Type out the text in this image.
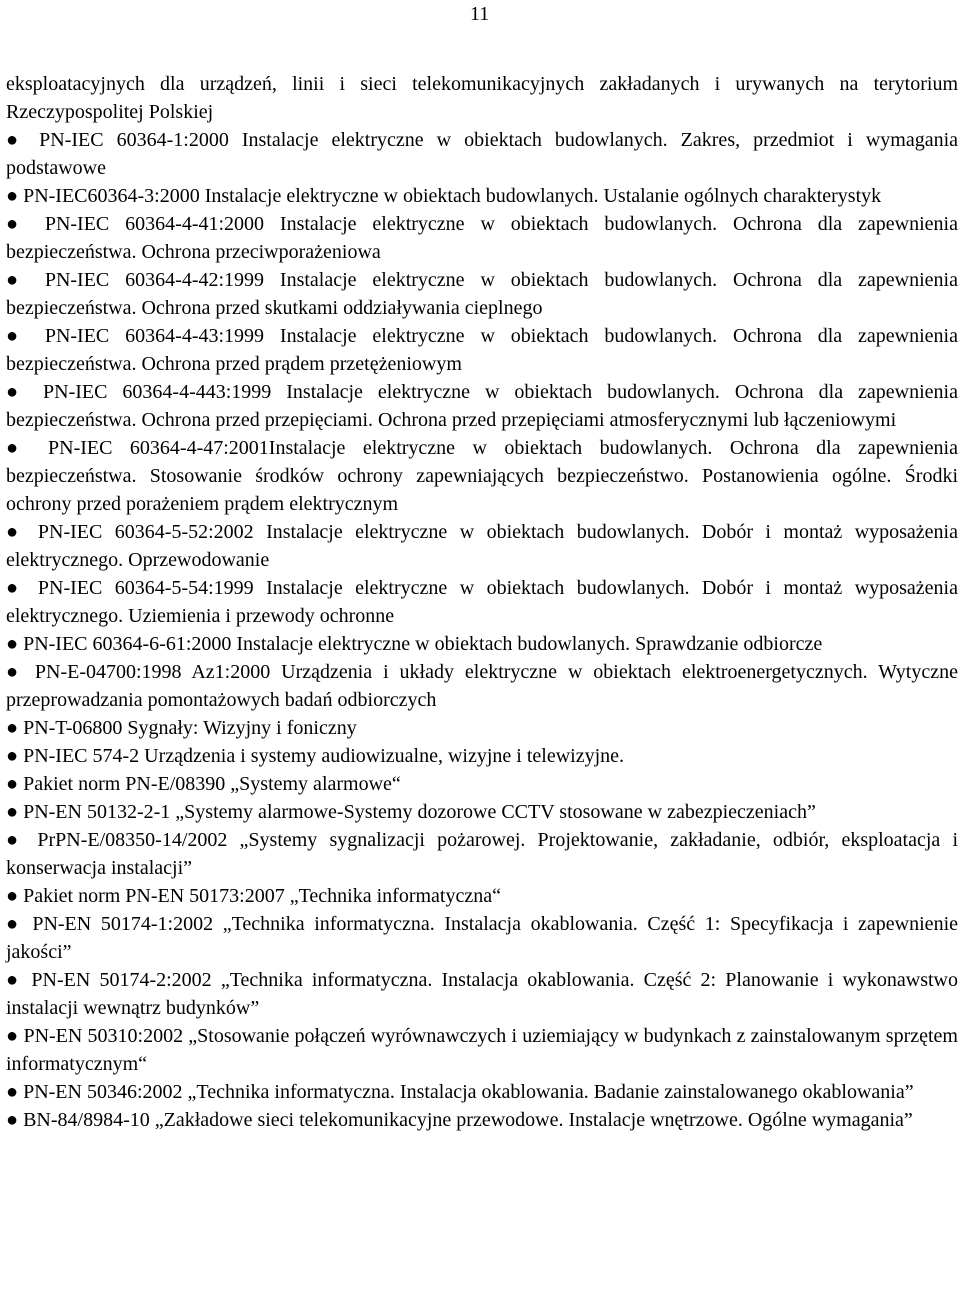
11

eksploatacyjnych dla urządzeń, linii i sieci telekomunikacyjnych zakładanych i urywanych na terytorium Rzeczypospolitej Polskiej

● PN-IEC 60364-1:2000 Instalacje elektryczne w obiektach budowlanych. Zakres, przedmiot i wymagania podstawowe

● PN-IEC60364-3:2000 Instalacje elektryczne w obiektach budowlanych. Ustalanie ogólnych charakterystyk

● PN-IEC 60364-4-41:2000 Instalacje elektryczne w obiektach budowlanych. Ochrona dla zapewnienia bezpieczeństwa. Ochrona przeciwporażeniowa

● PN-IEC 60364-4-42:1999 Instalacje elektryczne w obiektach budowlanych. Ochrona dla zapewnienia bezpieczeństwa. Ochrona przed skutkami oddziaływania cieplnego

● PN-IEC 60364-4-43:1999 Instalacje elektryczne w obiektach budowlanych. Ochrona dla zapewnienia bezpieczeństwa. Ochrona przed prądem przetężeniowym

● PN-IEC 60364-4-443:1999 Instalacje elektryczne w obiektach budowlanych. Ochrona dla zapewnienia bezpieczeństwa. Ochrona przed przepięciami. Ochrona przed przepięciami atmosferycznymi lub łączeniowymi

● PN-IEC 60364-4-47:2001Instalacje elektryczne w obiektach budowlanych. Ochrona dla zapewnienia bezpieczeństwa. Stosowanie środków ochrony zapewniających bezpieczeństwo. Postanowienia ogólne. Środki ochrony przed porażeniem prądem elektrycznym

● PN-IEC 60364-5-52:2002 Instalacje elektryczne w obiektach budowlanych. Dobór i montaż wyposażenia elektrycznego. Oprzewodowanie

● PN-IEC 60364-5-54:1999 Instalacje elektryczne w obiektach budowlanych. Dobór i montaż wyposażenia elektrycznego. Uziemienia i przewody ochronne

● PN-IEC 60364-6-61:2000 Instalacje elektryczne w obiektach budowlanych. Sprawdzanie odbiorcze

● PN-E-04700:1998 Az1:2000 Urządzenia i układy elektryczne w obiektach elektroenergetycznych. Wytyczne przeprowadzania pomontażowych badań odbiorczych

● PN-T-06800 Sygnały: Wizyjny i foniczny

● PN-IEC 574-2 Urządzenia i systemy audiowizualne, wizyjne i telewizyjne.

● Pakiet norm PN-E/08390 „Systemy alarmowe“

● PN-EN 50132-2-1 „Systemy alarmowe-Systemy dozorowe CCTV stosowane w zabezpieczeniach”

● PrPN-E/08350-14/2002 „Systemy sygnalizacji pożarowej. Projektowanie, zakładanie, odbiór, eksploatacja i konserwacja instalacji”

● Pakiet norm PN-EN 50173:2007 „Technika informatyczna“

● PN-EN 50174-1:2002 „Technika informatyczna. Instalacja okablowania. Część 1: Specyfikacja i zapewnienie jakości”

● PN-EN 50174-2:2002 „Technika informatyczna. Instalacja okablowania. Część 2: Planowanie i wykonawstwo instalacji wewnątrz budynków”

● PN-EN 50310:2002 „Stosowanie połączeń wyrównawczych i uziemiający w budynkach z zainstalowanym sprzętem informatycznym“

● PN-EN 50346:2002 „Technika informatyczna. Instalacja okablowania. Badanie zainstalowanego okablowania”

● BN-84/8984-10 „Zakładowe sieci telekomunikacyjne przewodowe. Instalacje wnętrzowe. Ogólne wymagania”
